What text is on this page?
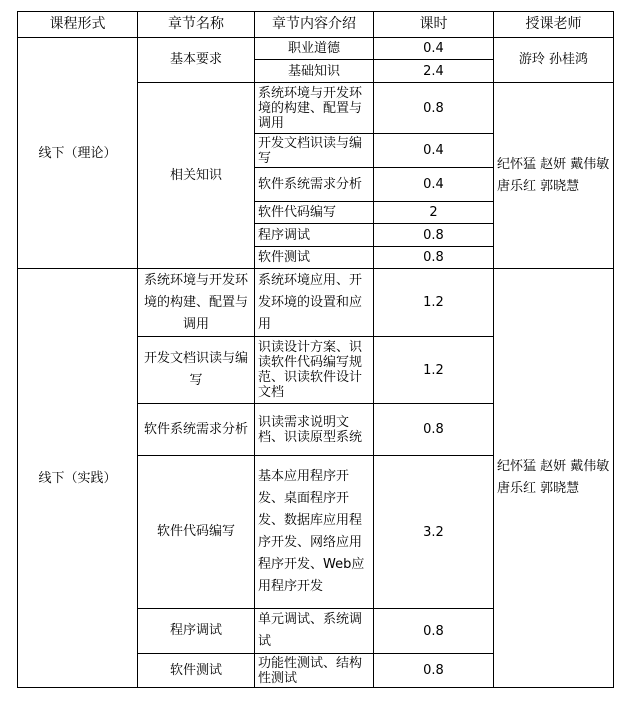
课程形式	章节名称	章节内容介绍	课时	授课老师
线下（理论）	基本要求	职业道德	0.4	游玲 孙桂鸿
		基础知识	2.4	
	相关知识	系统环境与开发环境的构建、配置与调用	0.8	纪怀猛 赵妍 戴伟敏 唐乐红 郭晓慧
		开发文档识读与编写	0.4	
		软件系统需求分析	0.4	
		软件代码编写	2	
		程序调试	0.8	
		软件测试	0.8	
线下（实践）	系统环境与开发环境的构建、配置与调用	系统环境应用、开发环境的设置和应用	1.2	纪怀猛 赵妍 戴伟敏 唐乐红 郭晓慧
	开发文档识读与编写	识读设计方案、识读软件代码编写规范、识读软件设计文档	1.2	
	软件系统需求分析	识读需求说明文档、识读原型系统	0.8	
	软件代码编写	基本应用程序开发、桌面程序开发、数据库应用程序开发、网络应用程序开发、Web应用程序开发	3.2	
	程序调试	单元调试、系统调试	0.8	
	软件测试	功能性测试、结构性测试	0.8	
